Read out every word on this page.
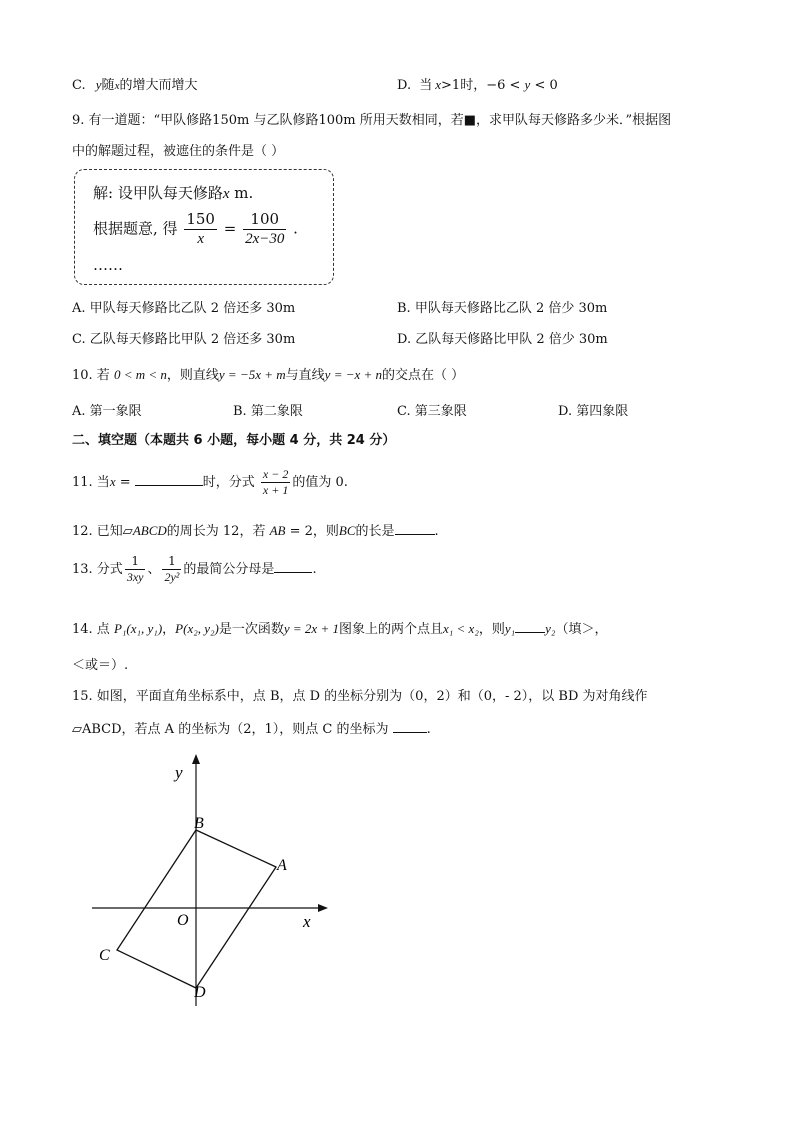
C. y随x的增大而增大	D. 当 x>1时，−6 < y < 0
9. 有一道题：“甲队修路150m 与乙队修路100m 所用天数相同，若■，求甲队每天修路多少米．”根据图
中的解题过程，被遮住的条件是（ ）
解: 设甲队每天修路x m.
根据题意, 得 $\frac{150}{x} = \frac{100}{2x-30}$ .
……
A. 甲队每天修路比乙队 2 倍还多 30m	B. 甲队每天修路比乙队 2 倍少 30m
C. 乙队每天修路比甲队 2 倍还多 30m	D. 乙队每天修路比甲队 2 倍少 30m
10. 若 0 < m < n，则直线y = −5x + m与直线y = −x + n的交点在（ ）
A. 第一象限	B. 第二象限	C. 第三象限	D. 第四象限
二、填空题（本题共 6 小题，每小题 4 分，共 24 分）
11. 当x =	时，分式 $\frac{x - 2}{x + 1}$ 的值为 0.
12. 已知▱ABCD的周长为 12，若 AB = 2，则BC的长是	.
13. 分式 $\frac{1}{3xy}$ 、 $\frac{1}{\text{2y²}}$ 的最简公分母是	.
14. 点 P₁(x₁, y₁)，P(x₂, y₂)是一次函数y = 2x + 1图象上的两个点且x₁ < x₂，则y₁ y₂（填＞，
＜或＝）.
15. 如图，平面直角坐标系中，点 B，点 D 的坐标分别为（0，2）和（0，- 2），以 BD 为对角线作
▱ABCD，若点 A 的坐标为（2，1），则点 C 的坐标为	.
y
x
O
A
B
C
D
